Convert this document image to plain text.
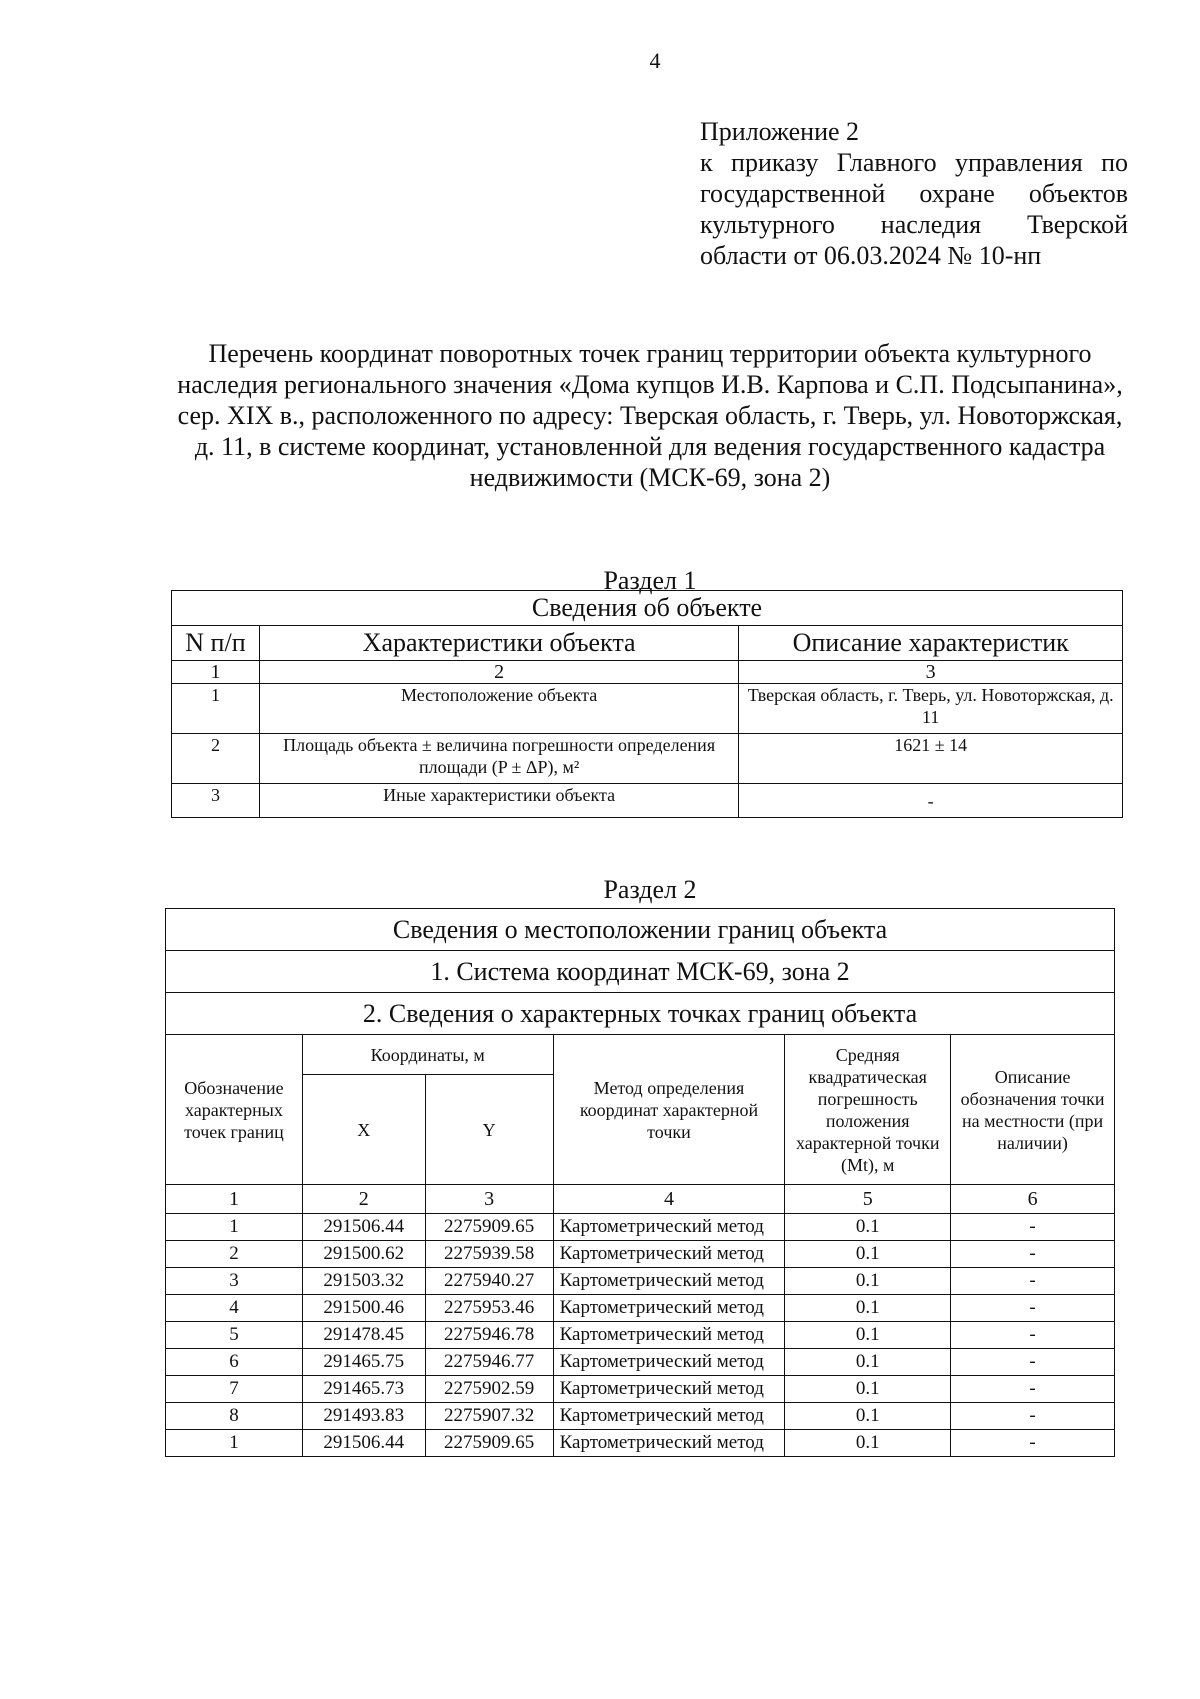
4
Приложение 2
к приказу Главного управления по государственной охране объектов культурного наследия Тверской области от 06.03.2024 № 10-нп
Перечень координат поворотных точек границ территории объекта культурного наследия регионального значения «Дома купцов И.В. Карпова и С.П. Подсыпанина», сер. XIX в., расположенного по адресу: Тверская область, г. Тверь, ул. Новоторжская, д. 11, в системе координат, установленной для ведения государственного кадастра недвижимости (МСК-69, зона 2)
Раздел 1
Сведения об объекте		
N п/п	Характеристики объекта	Описание характеристик
1	2	3
1	Местоположение объекта	Тверская область, г. Тверь, ул. Новоторжская, д. 11
2	Площадь объекта ± величина погрешности определения площади (P ± ΔP), м²	1621 ± 14
3	Иные характеристики объекта	-
Раздел 2
Сведения о местоположении границ объекта					
1. Система координат МСК-69, зона 2					
2. Сведения о характерных точках границ объекта					
Обозначение характерных точек границ	Координаты, м		Метод определения координат характерной точки	Средняя квадратическая погрешность положения характерной точки (Mt), м	Описание обозначения точки на местности (при наличии)
	X	Y			
1	2	3	4	5	6
1	291506.44	2275909.65	Картометрический метод	0.1	-
2	291500.62	2275939.58	Картометрический метод	0.1	-
3	291503.32	2275940.27	Картометрический метод	0.1	-
4	291500.46	2275953.46	Картометрический метод	0.1	-
5	291478.45	2275946.78	Картометрический метод	0.1	-
6	291465.75	2275946.77	Картометрический метод	0.1	-
7	291465.73	2275902.59	Картометрический метод	0.1	-
8	291493.83	2275907.32	Картометрический метод	0.1	-
1	291506.44	2275909.65	Картометрический метод	0.1	-
